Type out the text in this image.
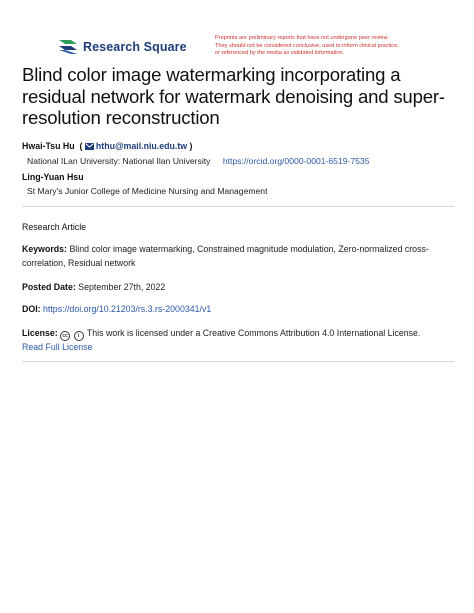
Research Square
Preprints are preliminary reports that have not undergone peer review.
They should not be considered conclusive, used to inform clinical practice,
or referenced by the media as validated information.
Blind color image watermarking incorporating a residual network for watermark denoising and super-resolution reconstruction
Hwai-Tsu Hu ( hthu@mail.niu.edu.tw )
National ILan University: National Ilan University https://orcid.org/0000-0001-6519-7535
Ling-Yuan Hsu
St Mary's Junior College of Medicine Nursing and Management
Research Article
Keywords: Blind color image watermarking, Constrained magnitude modulation, Zero-normalized cross-correlation, Residual network
Posted Date: September 27th, 2022
DOI: https://doi.org/10.21203/rs.3.rs-2000341/v1
License: cc i This work is licensed under a Creative Commons Attribution 4.0 International License.
Read Full License
